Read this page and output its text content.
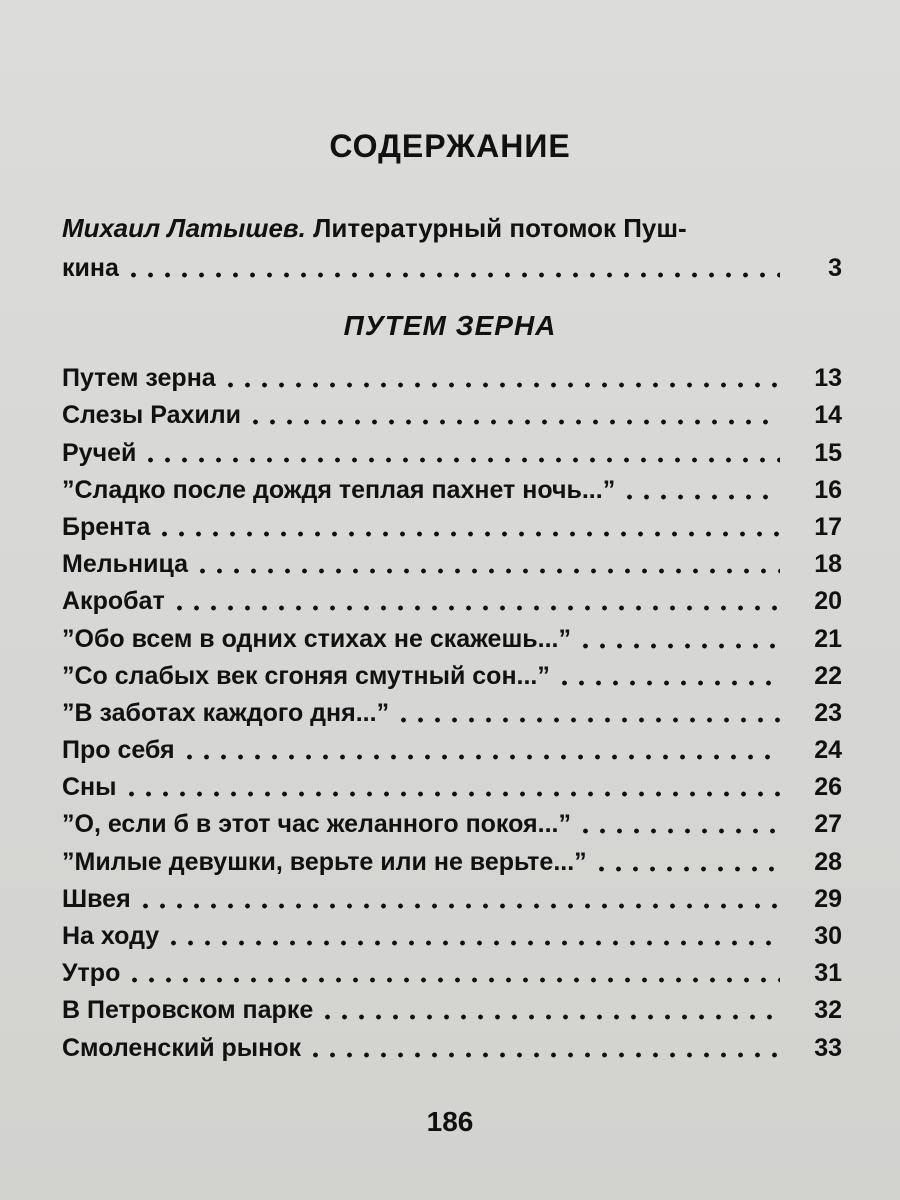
СОДЕРЖАНИЕ
Михаил Латышев. Литературный потомок Пуш-
кина	3
ПУТЕМ ЗЕРНА
Путем зерна	13
Слезы Рахили	14
Ручей	15
”Сладко после дождя теплая пахнет ночь...”	16
Брента	17
Мельница	18
Акробат	20
”Обо всем в одних стихах не скажешь...”	21
”Со слабых век сгоняя смутный сон...”	22
”В заботах каждого дня...”	23
Про себя	24
Сны	26
”О, если б в этот час желанного покоя...”	27
”Милые девушки, верьте или не верьте...”	28
Швея	29
На ходу	30
Утро	31
В Петровском парке	32
Смоленский рынок	33
186
